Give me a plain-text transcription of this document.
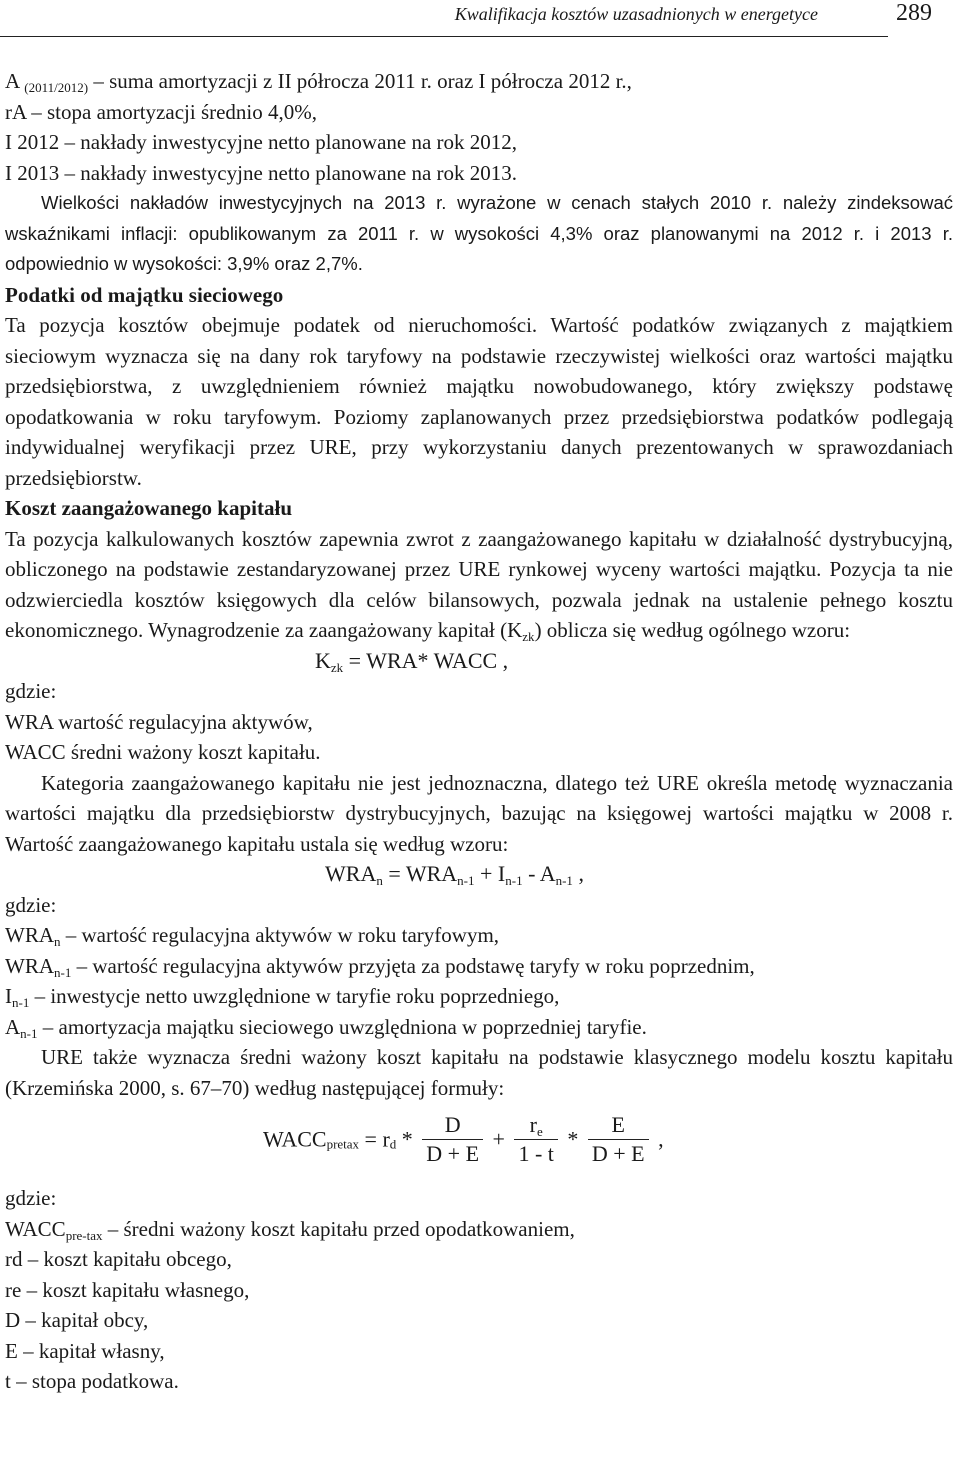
Kwalifikacja kosztów uzasadnionych w energetyce	289

A $_{(2011/2012)}$ – suma amortyzacji z II półrocza 2011 r. oraz I półrocza 2012 r.,

rA – stopa amortyzacji średnio 4,0%,

I 2012 – nakłady inwestycyjne netto planowane na rok 2012,

I 2013 – nakłady inwestycyjne netto planowane na rok 2013.

Wielkości nakładów inwestycyjnych na 2013 r. wyrażone w cenach stałych 2010 r. należy zindeksować wskaźnikami inflacji: opublikowanym za 2011 r. w wysokości 4,3% oraz planowanymi na 2012 r. i 2013 r. odpowiednio w wysokości: 3,9% oraz 2,7%.

Podatki od majątku sieciowego

Ta pozycja kosztów obejmuje podatek od nieruchomości. Wartość podatków związanych z majątkiem sieciowym wyznacza się na dany rok taryfowy na podstawie rzeczywistej wielkości oraz wartości majątku przedsiębiorstwa, z uwzględnieniem również majątku nowobudowanego, który zwiększy podstawę opodatkowania w roku taryfowym. Poziomy zaplanowanych przez przedsiębiorstwa podatków podlegają indywidualnej weryfikacji przez URE, przy wykorzystaniu danych prezentowanych w sprawozdaniach przedsiębiorstw.

Koszt zaangażowanego kapitału

Ta pozycja kalkulowanych kosztów zapewnia zwrot z zaangażowanego kapitału w działalność dystrybucyjną, obliczonego na podstawie zestandaryzowanej przez URE rynkowej wyceny wartości majątku. Pozycja ta nie odzwierciedla kosztów księgowych dla celów bilansowych, pozwala jednak na ustalenie pełnego kosztu ekonomicznego. Wynagrodzenie za zaangażowany kapitał $(K_{zk})$ oblicza się według ogólnego wzoru:

$K_{zk} = WRA*$ WACC ,

gdzie:

WRA wartość regulacyjna aktywów,

WACC średni ważony koszt kapitału.

Kategoria zaangażowanego kapitału nie jest jednoznaczna, dlatego też URE określa metodę wyznaczania wartości majątku dla przedsiębiorstw dystrybucyjnych, bazując na księgowej wartości majątku w 2008 r. Wartość zaangażowanego kapitału ustala się według wzoru:

$WRA_n = WRA_{n-1} + I_{n-1} - A_{n-1}$ ,

gdzie:

$WRA_n$ – wartość regulacyjna aktywów w roku taryfowym,

$WRA_{n-1}$ – wartość regulacyjna aktywów przyjęta za podstawę taryfy w roku poprzednim,

$I_{n-1}$ – inwestycje netto uwzględnione w taryfie roku poprzedniego,

$A_{n-1}$ – amortyzacja majątku sieciowego uwzględniona w poprzedniej taryfie.

URE także wyznacza średni ważony koszt kapitału na podstawie klasycznego modelu kosztu kapitału (Krzemińska 2000, s. 67–70) według następującej formuły:

$WACC_{pretax} = r_d * \frac{D}{D + E} + \frac{r_e}{1 - t} * \frac{E}{D + E}$ ,

gdzie:

$WACC_{pre-tax}$ – średni ważony koszt kapitału przed opodatkowaniem,

rd – koszt kapitału obcego,

re – koszt kapitału własnego,

D – kapitał obcy,

E – kapitał własny,

t – stopa podatkowa.
